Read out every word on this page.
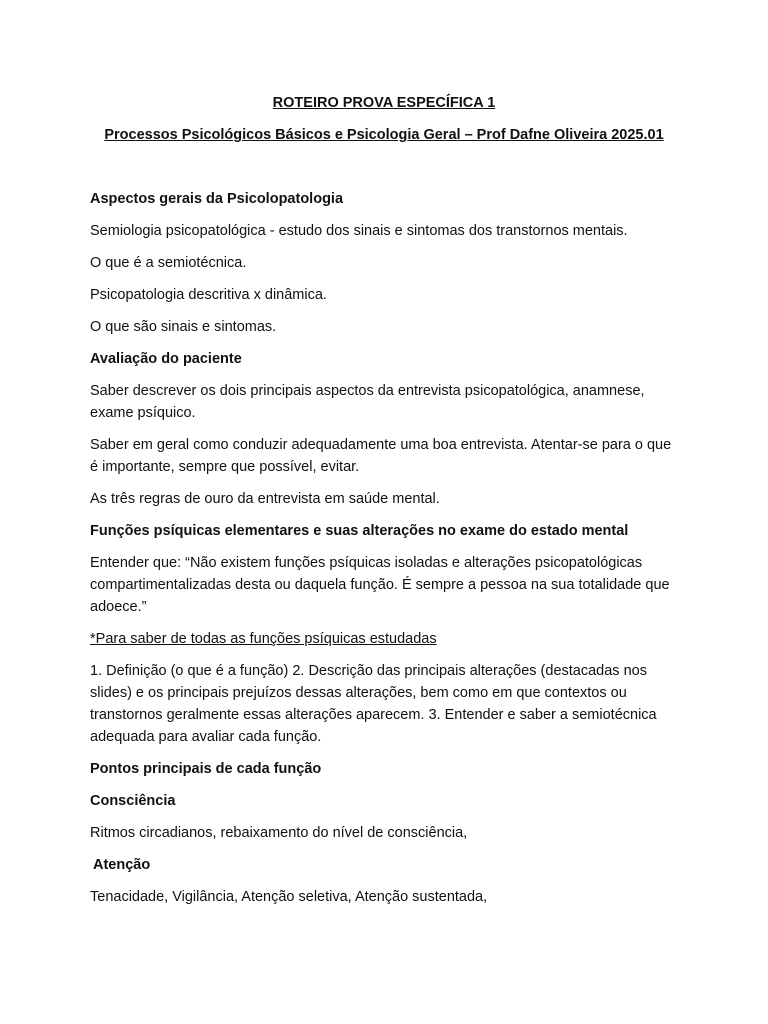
ROTEIRO PROVA ESPECÍFICA 1

Processos Psicológicos Básicos e Psicologia Geral – Prof Dafne Oliveira 2025.01

Aspectos gerais da Psicolopatologia

Semiologia psicopatológica - estudo dos sinais e sintomas dos transtornos mentais.

O que é a semiotécnica.

Psicopatologia descritiva x dinâmica.

O que são sinais e sintomas.

Avaliação do paciente

Saber descrever os dois principais aspectos da entrevista psicopatológica, anamnese, exame psíquico.

Saber em geral como conduzir adequadamente uma boa entrevista. Atentar-se para o que é importante, sempre que possível, evitar.

As três regras de ouro da entrevista em saúde mental.

Funções psíquicas elementares e suas alterações no exame do estado mental

Entender que: “Não existem funções psíquicas isoladas e alterações psicopatológicas compartimentalizadas desta ou daquela função. É sempre a pessoa na sua totalidade que adoece.”

*Para saber de todas as funções psíquicas estudadas

1. Definição (o que é a função) 2. Descrição das principais alterações (destacadas nos slides) e os principais prejuízos dessas alterações, bem como em que contextos ou transtornos geralmente essas alterações aparecem. 3. Entender e saber a semiotécnica adequada para avaliar cada função.

Pontos principais de cada função

Consciência

Ritmos circadianos, rebaixamento do nível de consciência,

Atenção

Tenacidade, Vigilância, Atenção seletiva, Atenção sustentada,
